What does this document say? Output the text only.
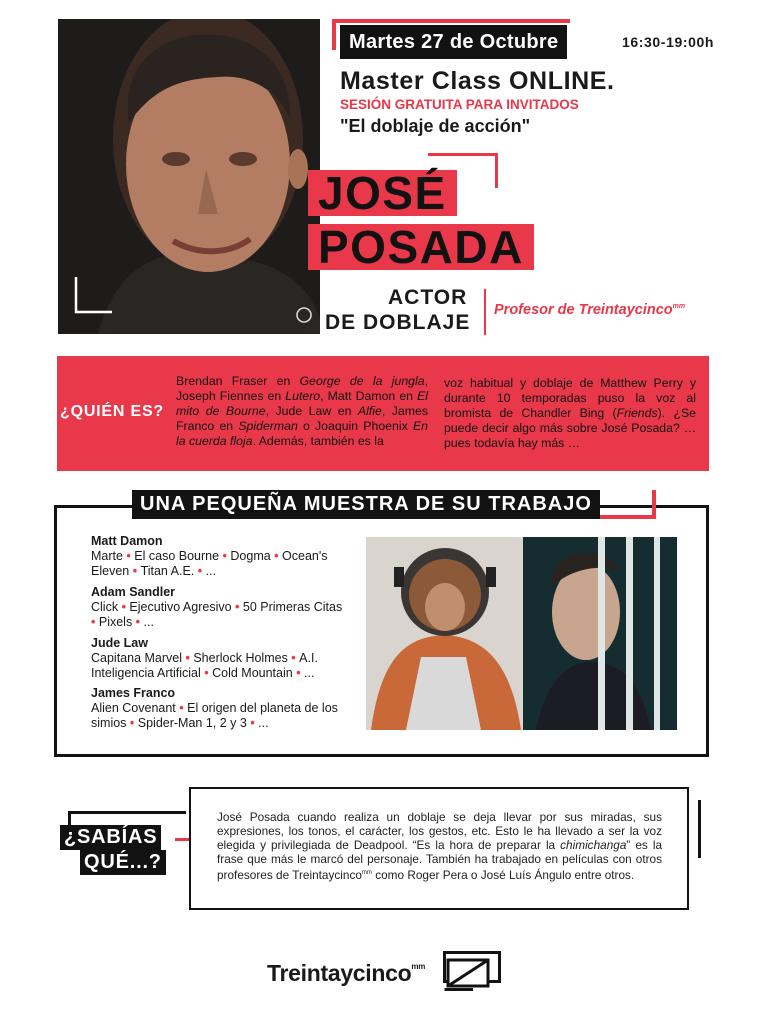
Martes 27 de Octubre	16:30-19:00h
Master Class ONLINE.
SESIÓN GRATUITA PARA INVITADOS
"El doblaje de acción"
JOSÉ
POSADA
ACTOR
DE DOBLAJE
Profesor de Treintaycinco$^{mm}$
¿QUIÉN ES?
Brendan Fraser en George de la jungla, Joseph Fiennes en Lutero, Matt Damon en El mito de Bourne, Jude Law en Alfie, James Franco en Spiderman o Joaquin Phoenix En la cuerda floja. Además, también es la
voz habitual y doblaje de Matthew Perry y durante 10 temporadas puso la voz al bromista de Chandler Bing (Friends). ¿Se puede decir algo más sobre José Posada? … pues todavía hay más …
UNA PEQUEÑA MUESTRA DE SU TRABAJO
Matt Damon
Marte • El caso Bourne • Dogma • Ocean's Eleven • Titan A.E. • ...
Adam Sandler
Click • Ejecutivo Agresivo • 50 Primeras Citas • Pixels • ...
Jude Law
Capitana Marvel • Sherlock Holmes • A.I. Inteligencia Artificial • Cold Mountain • ...
James Franco
Alien Covenant • El origen del planeta de los simios • Spider-Man 1, 2 y 3 • ...
¿SABÍAS
QUÉ...?
José Posada cuando realiza un doblaje se deja llevar por sus miradas, sus expresiones, los tonos, el carácter, los gestos, etc. Esto le ha llevado a ser la voz elegida y privilegiada de Deadpool. “Es la hora de preparar la chimichanga” es la frase que más le marcó del personaje. También ha trabajado en películas con otros profesores de Treintaycinco$^{mm}$ como Roger Pera o José Luís Ángulo entre otros.
Treintaycinco$^{mm}$
